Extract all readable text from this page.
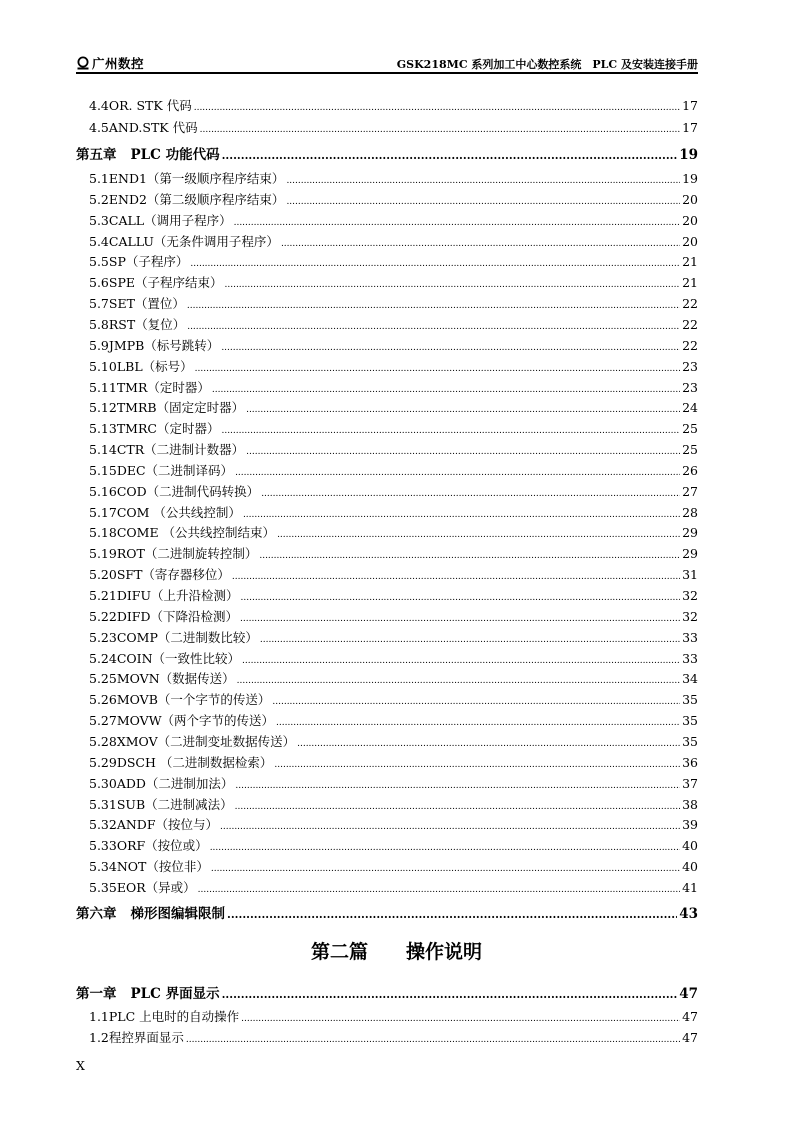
广州数控	GSK218MC 系列加工中心数控系统　PLC 及安装连接手册
4.4 OR. STK 代码 .....	17
4.5 AND.STK 代码 .....	17
第五章 PLC 功能代码 .....	19
5.1 END1（第一级顺序程序结束） .....	19
5.2 END2（第二级顺序程序结束） .....	20
5.3 CALL（调用子程序） .....	20
5.4 CALLU（无条件调用子程序） .....	20
5.5 SP（子程序） .....	21
5.6 SPE（子程序结束） .....	21
5.7 SET（置位） .....	22
5.8 RST（复位） .....	22
5.9 JMPB（标号跳转） .....	22
5.10 LBL（标号） .....	23
5.11 TMR（定时器） .....	23
5.12 TMRB（固定定时器） .....	24
5.13 TMRC（定时器） .....	25
5.14 CTR（二进制计数器） .....	25
5.15 DEC（二进制译码） .....	26
5.16 COD（二进制代码转换） .....	27
5.17 COM （公共线控制） .....	28
5.18 COME （公共线控制结束） .....	29
5.19 ROT（二进制旋转控制） .....	29
5.20 SFT（寄存器移位） .....	31
5.21 DIFU（上升沿检测） .....	32
5.22 DIFD（下降沿检测） .....	32
5.23 COMP（二进制数比较） .....	33
5.24 COIN（一致性比较） .....	33
5.25 MOVN（数据传送） .....	34
5.26 MOVB（一个字节的传送） .....	35
5.27 MOVW（两个字节的传送） .....	35
5.28 XMOV（二进制变址数据传送） .....	35
5.29 DSCH （二进制数据检索） .....	36
5.30 ADD（二进制加法） .....	37
5.31 SUB（二进制减法） .....	38
5.32 ANDF（按位与） .....	39
5.33 ORF（按位或） .....	40
5.34 NOT（按位非） .....	40
5.35 EOR（异或） .....	41
第六章 梯形图编辑限制 .....	43
第一章 PLC 界面显示 .....	47
1.1 PLC 上电时的自动操作 .....	47
1.2 程控界面显示 .....	47
第二篇　　操作说明
X
